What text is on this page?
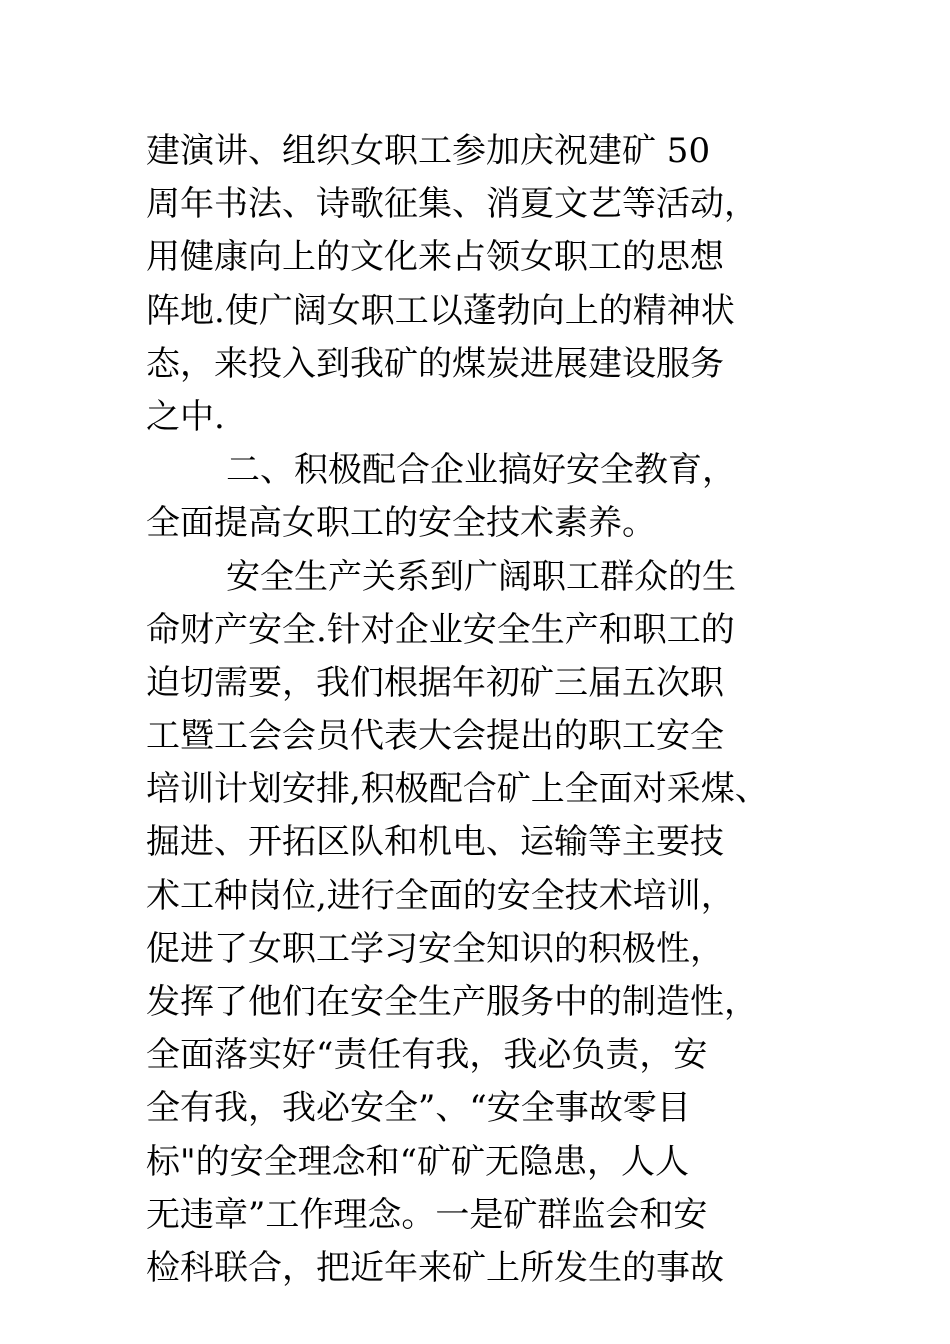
建演讲、组织女职工参加庆祝建矿 50
周年书法、诗歌征集、消夏文艺等活动，
用健康向上的文化来占领女职工的思想
阵地.使广阔女职工以蓬勃向上的精神状
态，来投入到我矿的煤炭进展建设服务
之中.
二、积极配合企业搞好安全教育，
全面提高女职工的安全技术素养。
安全生产关系到广阔职工群众的生
命财产安全.针对企业安全生产和职工的
迫切需要，我们根据年初矿三届五次职
工暨工会会员代表大会提出的职工安全
培训计划安排,积极配合矿上全面对采煤、
掘进、开拓区队和机电、运输等主要技
术工种岗位,进行全面的安全技术培训，
促进了女职工学习安全知识的积极性，
发挥了他们在安全生产服务中的制造性，
全面落实好“责任有我，我必负责，安
全有我，我必安全”、“安全事故零目
标"的安全理念和“矿矿无隐患，人人
无违章”工作理念。一是矿群监会和安
检科联合，把近年来矿上所发生的事故
